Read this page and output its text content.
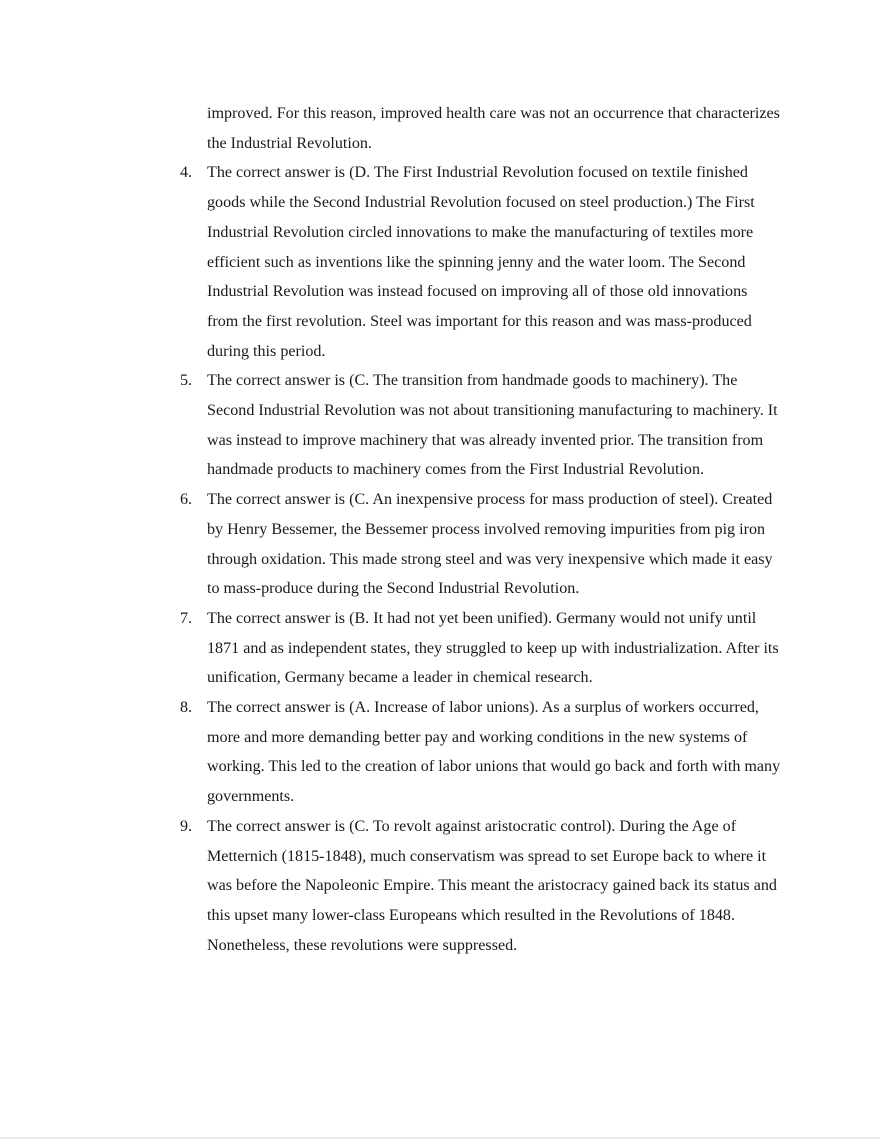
improved. For this reason, improved health care was not an occurrence that characterizes the Industrial Revolution.

4. The correct answer is (D. The First Industrial Revolution focused on textile finished goods while the Second Industrial Revolution focused on steel production.) The First Industrial Revolution circled innovations to make the manufacturing of textiles more efficient such as inventions like the spinning jenny and the water loom. The Second Industrial Revolution was instead focused on improving all of those old innovations from the first revolution. Steel was important for this reason and was mass-produced during this period.
5. The correct answer is (C. The transition from handmade goods to machinery). The Second Industrial Revolution was not about transitioning manufacturing to machinery. It was instead to improve machinery that was already invented prior. The transition from handmade products to machinery comes from the First Industrial Revolution.
6. The correct answer is (C. An inexpensive process for mass production of steel). Created by Henry Bessemer, the Bessemer process involved removing impurities from pig iron through oxidation. This made strong steel and was very inexpensive which made it easy to mass-produce during the Second Industrial Revolution.
7. The correct answer is (B. It had not yet been unified). Germany would not unify until 1871 and as independent states, they struggled to keep up with industrialization. After its unification, Germany became a leader in chemical research.
8. The correct answer is (A. Increase of labor unions). As a surplus of workers occurred, more and more demanding better pay and working conditions in the new systems of working. This led to the creation of labor unions that would go back and forth with many governments.
9. The correct answer is (C. To revolt against aristocratic control). During the Age of Metternich (1815-1848), much conservatism was spread to set Europe back to where it was before the Napoleonic Empire. This meant the aristocracy gained back its status and this upset many lower-class Europeans which resulted in the Revolutions of 1848. Nonetheless, these revolutions were suppressed.
